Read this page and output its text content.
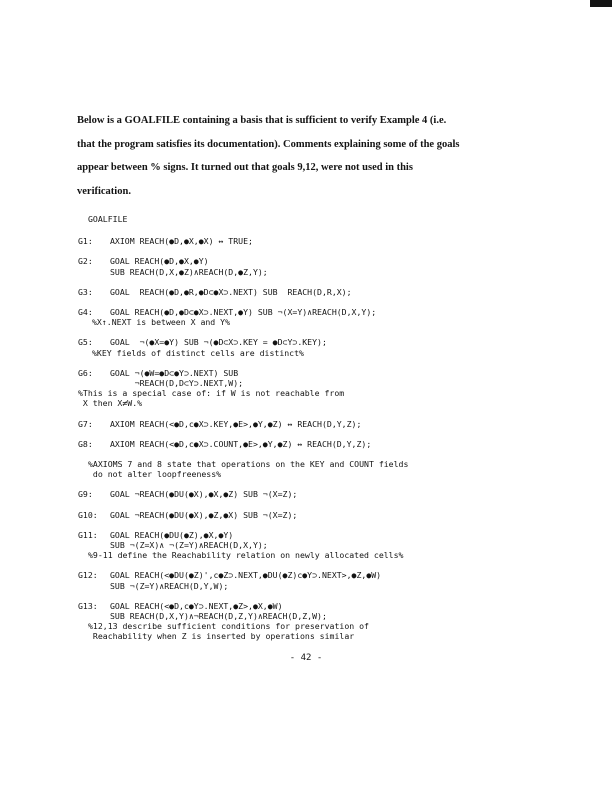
Below is a GOALFILE containing a basis that is sufficient to verify Example 4 (i.e.
that the program satisfies its documentation). Comments explaining some of the goals
appear between % signs. It turned out that goals 9,12, were not used in this
verification.
GOALFILE
G1:	AXIOM REACH(●D,●X,●X) ↔ TRUE;
G2:	GOAL REACH(●D,●X,●Y)
SUB REACH(D,X,●Z)∧REACH(D,●Z,Y);
G3:	GOAL  REACH(●D,●R,●D⊂●X⊃.NEXT) SUB  REACH(D,R,X);
G4:	GOAL REACH(●D,●D⊂●X⊃.NEXT,●Y) SUB ¬(X=Y)∧REACH(D,X,Y);
%X↑.NEXT is between X and Y%
G5:	GOAL  ¬(●X=●Y) SUB ¬(●D⊂X⊃.KEY = ●D⊂Y⊃.KEY);
%KEY fields of distinct cells are distinct%
G6:	GOAL ¬(●W=●D⊂●Y⊃.NEXT) SUB
¬REACH(D,D⊂Y⊃.NEXT,W);
%This is a special case of: if W is not reachable from
X then X≠W.%
G7:	AXIOM REACH(<●D,c●X⊃.KEY,●E>,●Y,●Z) ↔ REACH(D,Y,Z);
G8:	AXIOM REACH(<●D,c●X⊃.COUNT,●E>,●Y,●Z) ↔ REACH(D,Y,Z);
%AXIOMS 7 and 8 state that operations on the KEY and COUNT fields
do not alter loopfreeness%
G9:	GOAL ¬REACH(●DU(●X),●X,●Z) SUB ¬(X=Z);
G10:	GOAL ¬REACH(●DU(●X),●Z,●X) SUB ¬(X=Z);
G11:	GOAL REACH(●DU(●Z),●X,●Y)
SUB ¬(Z=X)∧ ¬(Z=Y)∧REACH(D,X,Y);
%9-11 define the Reachability relation on newly allocated cells%
G12:	GOAL REACH(<●DU(●Z)',c●Z⊃.NEXT,●DU(●Z)c●Y⊃.NEXT>,●Z,●W)
SUB ¬(Z=Y)∧REACH(D,Y,W);
G13:	GOAL REACH(<●D,c●Y⊃.NEXT,●Z>,●X,●W)
SUB REACH(D,X,Y)∧¬REACH(D,Z,Y)∧REACH(D,Z,W);
%12,13 describe sufficient conditions for preservation of
Reachability when Z is inserted by operations similar
- 42 -
